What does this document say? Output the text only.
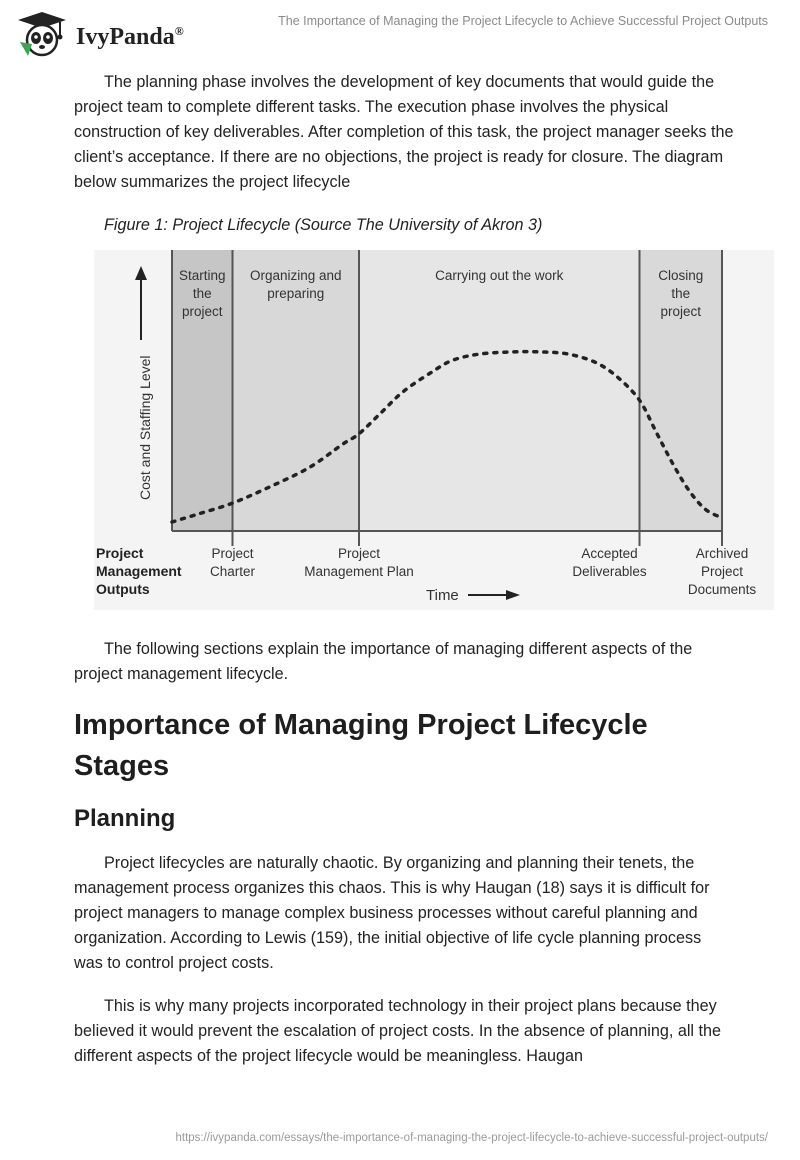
IvyPanda®
The Importance of Managing the Project Lifecycle to Achieve Successful Project Outputs

The planning phase involves the development of key documents that would guide the project team to complete different tasks. The execution phase involves the physical construction of key deliverables. After completion of this task, the project manager seeks the client’s acceptance. If there are no objections, the project is ready for closure. The diagram below summarizes the project lifecycle

Figure 1: Project Lifecycle (Source The University of Akron 3)

Cost and Staffing Level
Starting
the
project
Organizing and
preparing
Carrying out the work	Closing
the
project
Project
Management
Outputs
Project
Charter
Project
Management Plan
Accepted
Deliverables
Archived
Project
Documents
Time

The following sections explain the importance of managing different aspects of the project management lifecycle.

Importance of Managing Project Lifecycle Stages
Planning

Project lifecycles are naturally chaotic. By organizing and planning their tenets, the management process organizes this chaos. This is why Haugan (18) says it is difficult for project managers to manage complex business processes without careful planning and organization. According to Lewis (159), the initial objective of life cycle planning process was to control project costs.

This is why many projects incorporated technology in their project plans because they believed it would prevent the escalation of project costs. In the absence of planning, all the different aspects of the project lifecycle would be meaningless. Haugan

https://ivypanda.com/essays/the-importance-of-managing-the-project-lifecycle-to-achieve-successful-project-outputs/
